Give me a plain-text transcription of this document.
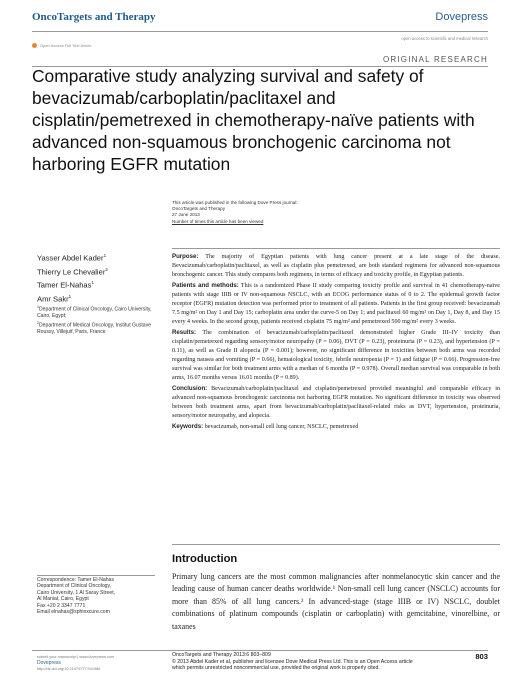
OncoTargets and Therapy	Dovepress
open access to scientific and medical research
Open Access Full Text Article
ORIGINAL RESEARCH
Comparative study analyzing survival and safety of bevacizumab/carboplatin/paclitaxel and cisplatin/pemetrexed in chemotherapy-naïve patients with advanced non-squamous bronchogenic carcinoma not harboring EGFR mutation
This article was published in the following Dove Press journal:
OncoTargets and Therapy
27 June 2013
Number of times this article has been viewed
Yasser Abdel Kader$^1$
Thierry Le Chevalier$^2$
Tamer El-Nahas$^1$
Amr Sakr$^1$
$^1$Department of Clinical Oncology, Cairo University, Cairo, Egypt;
$^2$Department of Medical Oncology, Institut Gustave Roussy, Villejuif, Paris, France

Purpose: The majority of Egyptian patients with lung cancer present at a late stage of the disease. Bevacizumab/carboplatin/paclitaxel, as well as cisplatin plus pemetrexed, are both standard regimens for advanced non-squamous bronchogenic cancer. This study compares both regimens, in terms of efficacy and toxicity profile, in Egyptian patients.

Patients and methods: This is a randomized Phase II study comparing toxicity profile and survival in 41 chemotherapy-naïve patients with stage IIIB or IV non-squamous NSCLC, with an ECOG performance status of 0 to 2. The epidermal growth factor receptor (EGFR) mutation detection was performed prior to treatment of all patients. Patients in the first group received: bevacizumab 7.5 mg/m² on Day 1 and Day 15; carboplatin area under the curve-5 on Day 1; and paclitaxel 60 mg/m² on Day 1, Day 8, and Day 15 every 4 weeks. In the second group, patients received cisplatin 75 mg/m² and pemetrexed 500 mg/m² every 3 weeks.

Results: The combination of bevacizumab/carboplatin/paclitaxel demonstrated higher Grade III–IV toxicity than cisplatin/pemetrexed regarding sensory/motor neuropathy (P = 0.06), DVT (P = 0.23), proteinuria (P = 0.23), and hypertension (P = 0.11), as well as Grade II alopecia (P = 0.001); however, no significant difference in toxicities between both arms was recorded regarding nausea and vomiting (P = 0.66), hematological toxicity, febrile neutropenia (P = 1) and fatigue (P = 0.66). Progression-free survival was similar for both treatment arms with a median of 6 months (P = 0.978). Overall median survival was comparable in both arms, 16.07 months versus 16.01 months (P = 0.89).

Conclusion: Bevacizumab/carboplatin/paclitaxel and cisplatin/pemetrexed provided meaningful and comparable efficacy in advanced non-squamous bronchogenic carcinoma not harboring EGFR mutation. No significant difference in toxicity was observed between both treatment arms, apart from bevacizumab/carboplatin/paclitaxel-related risks as DVT, hypertension, proteinuria, sensory/motor neuropathy, and alopecia.

Keywords: bevacizumab, non-small cell lung cancer, NSCLC, pemetrexed

Introduction
Primary lung cancers are the most common malignancies after nonmelanocytic skin cancer and the leading cause of human cancer deaths worldwide.¹ Non-small cell lung cancer (NSCLC) accounts for more than 85% of all lung cancers.² In advanced-stage (stage IIIB or IV) NSCLC, doublet combinations of platinum compounds (cisplatin or carboplatin) with gemcitabine, vinorelbine, or taxanes
Correspondence: Tamer El-Nahas
Department of Clinical Oncology,
Cairo University, 1 Al Saray Street,
Al Manial, Cairo, Egypt
Fax +20 2 3347 7771
Email elnahas@sphinxcure.com
submit your manuscript | www.dovepress.com
Dovepress
http://dx.doi.org/10.2147/OTT.S41986
OncoTargets and Therapy 2013:6 803–809
© 2013 Abdel Kader et al, publisher and licensee Dove Medical Press Ltd. This is an Open Access article
which permits unrestricted noncommercial use, provided the original work is properly cited.
803
